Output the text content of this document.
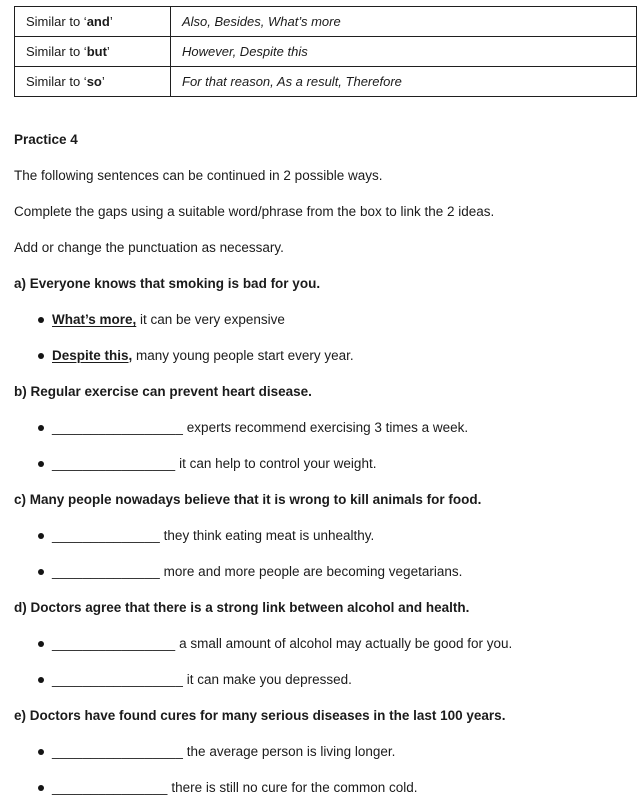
Similar to ‘and’	Also, Besides, What’s more
Similar to ‘but’	However, Despite this
Similar to ‘so’	For that reason, As a result, Therefore

Practice 4

The following sentences can be continued in 2 possible ways.

Complete the gaps using a suitable word/phrase from the box to link the 2 ideas.

Add or change the punctuation as necessary.

a) Everyone knows that smoking is bad for you.

What’s more, it can be very expensive
Despite this, many young people start every year.

b) Regular exercise can prevent heart disease.

_________________ experts recommend exercising 3 times a week.
________________ it can help to control your weight.

c) Many people nowadays believe that it is wrong to kill animals for food.

______________ they think eating meat is unhealthy.
______________ more and more people are becoming vegetarians.

d) Doctors agree that there is a strong link between alcohol and health.

________________ a small amount of alcohol may actually be good for you.
_________________ it can make you depressed.

e) Doctors have found cures for many serious diseases in the last 100 years.

_________________ the average person is living longer.
_______________ there is still no cure for the common cold.
